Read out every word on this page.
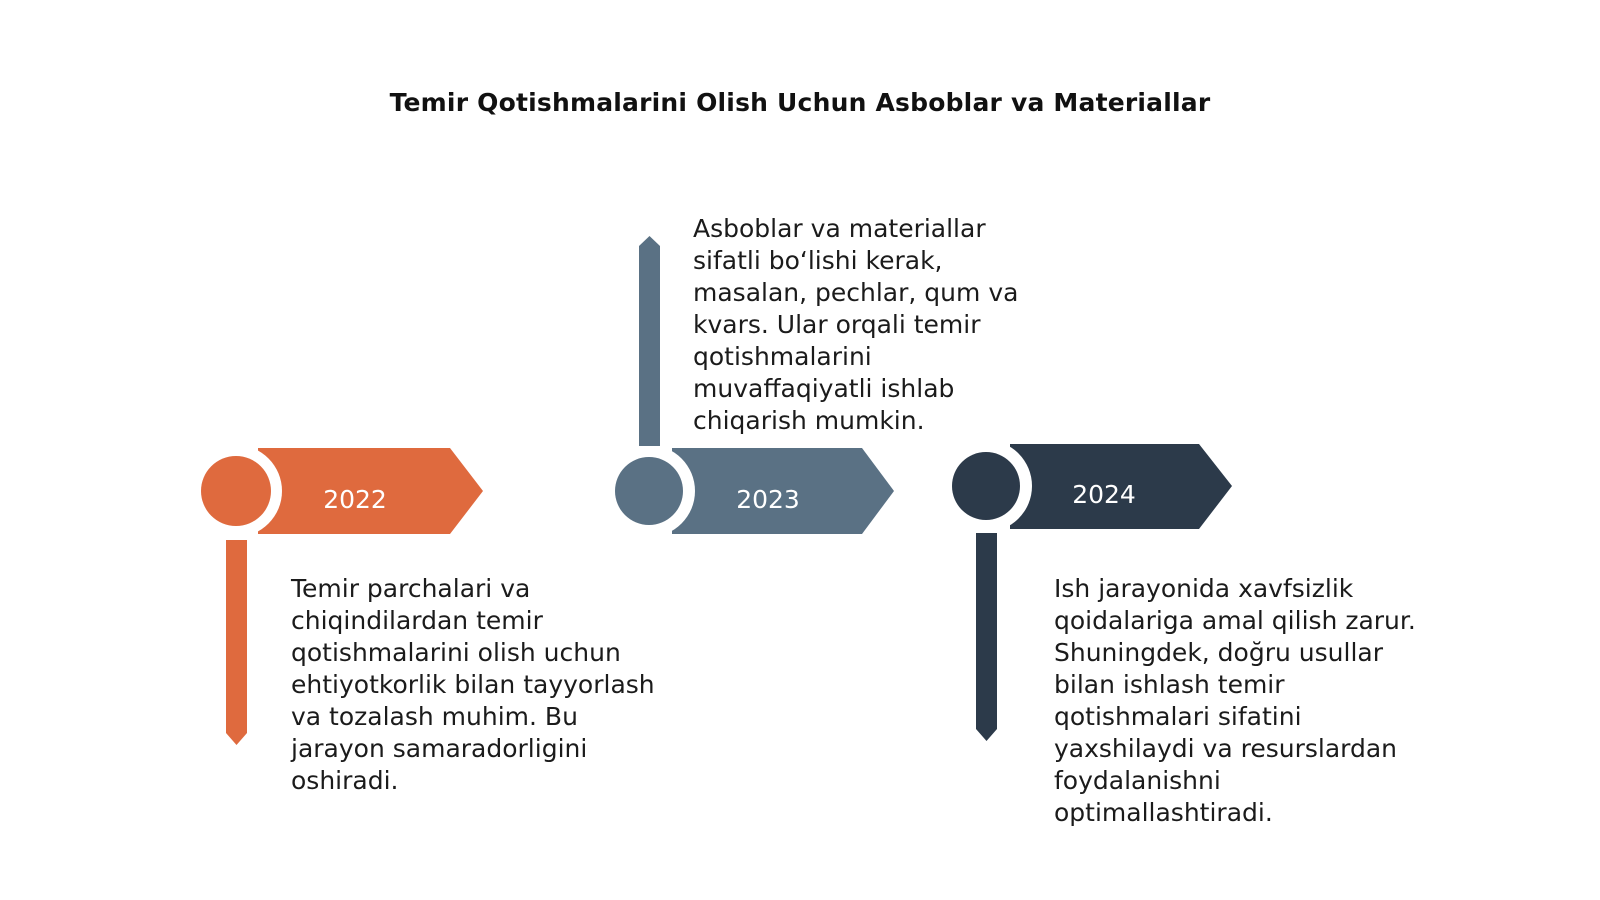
Temir Qotishmalarini Olish Uchun Asboblar va Materiallar
2022	2023	2024

Temir parchalari va chiqindilardan temir qotishmalarini olish uchun ehtiyotkorlik bilan tayyorlash va tozalash muhim. Bu jarayon samaradorligini oshiradi.

Asboblar va materiallar sifatli bo‘lishi kerak, masalan, pechlar, qum va kvars. Ular orqali temir qotishmalarini muvaffaqiyatli ishlab chiqarish mumkin.

Ish jarayonida xavfsizlik qoidalariga amal qilish zarur. Shuningdek, doğru usullar bilan ishlash temir qotishmalari sifatini yaxshilaydi va resurslardan foydalanishni optimallashtiradi.
